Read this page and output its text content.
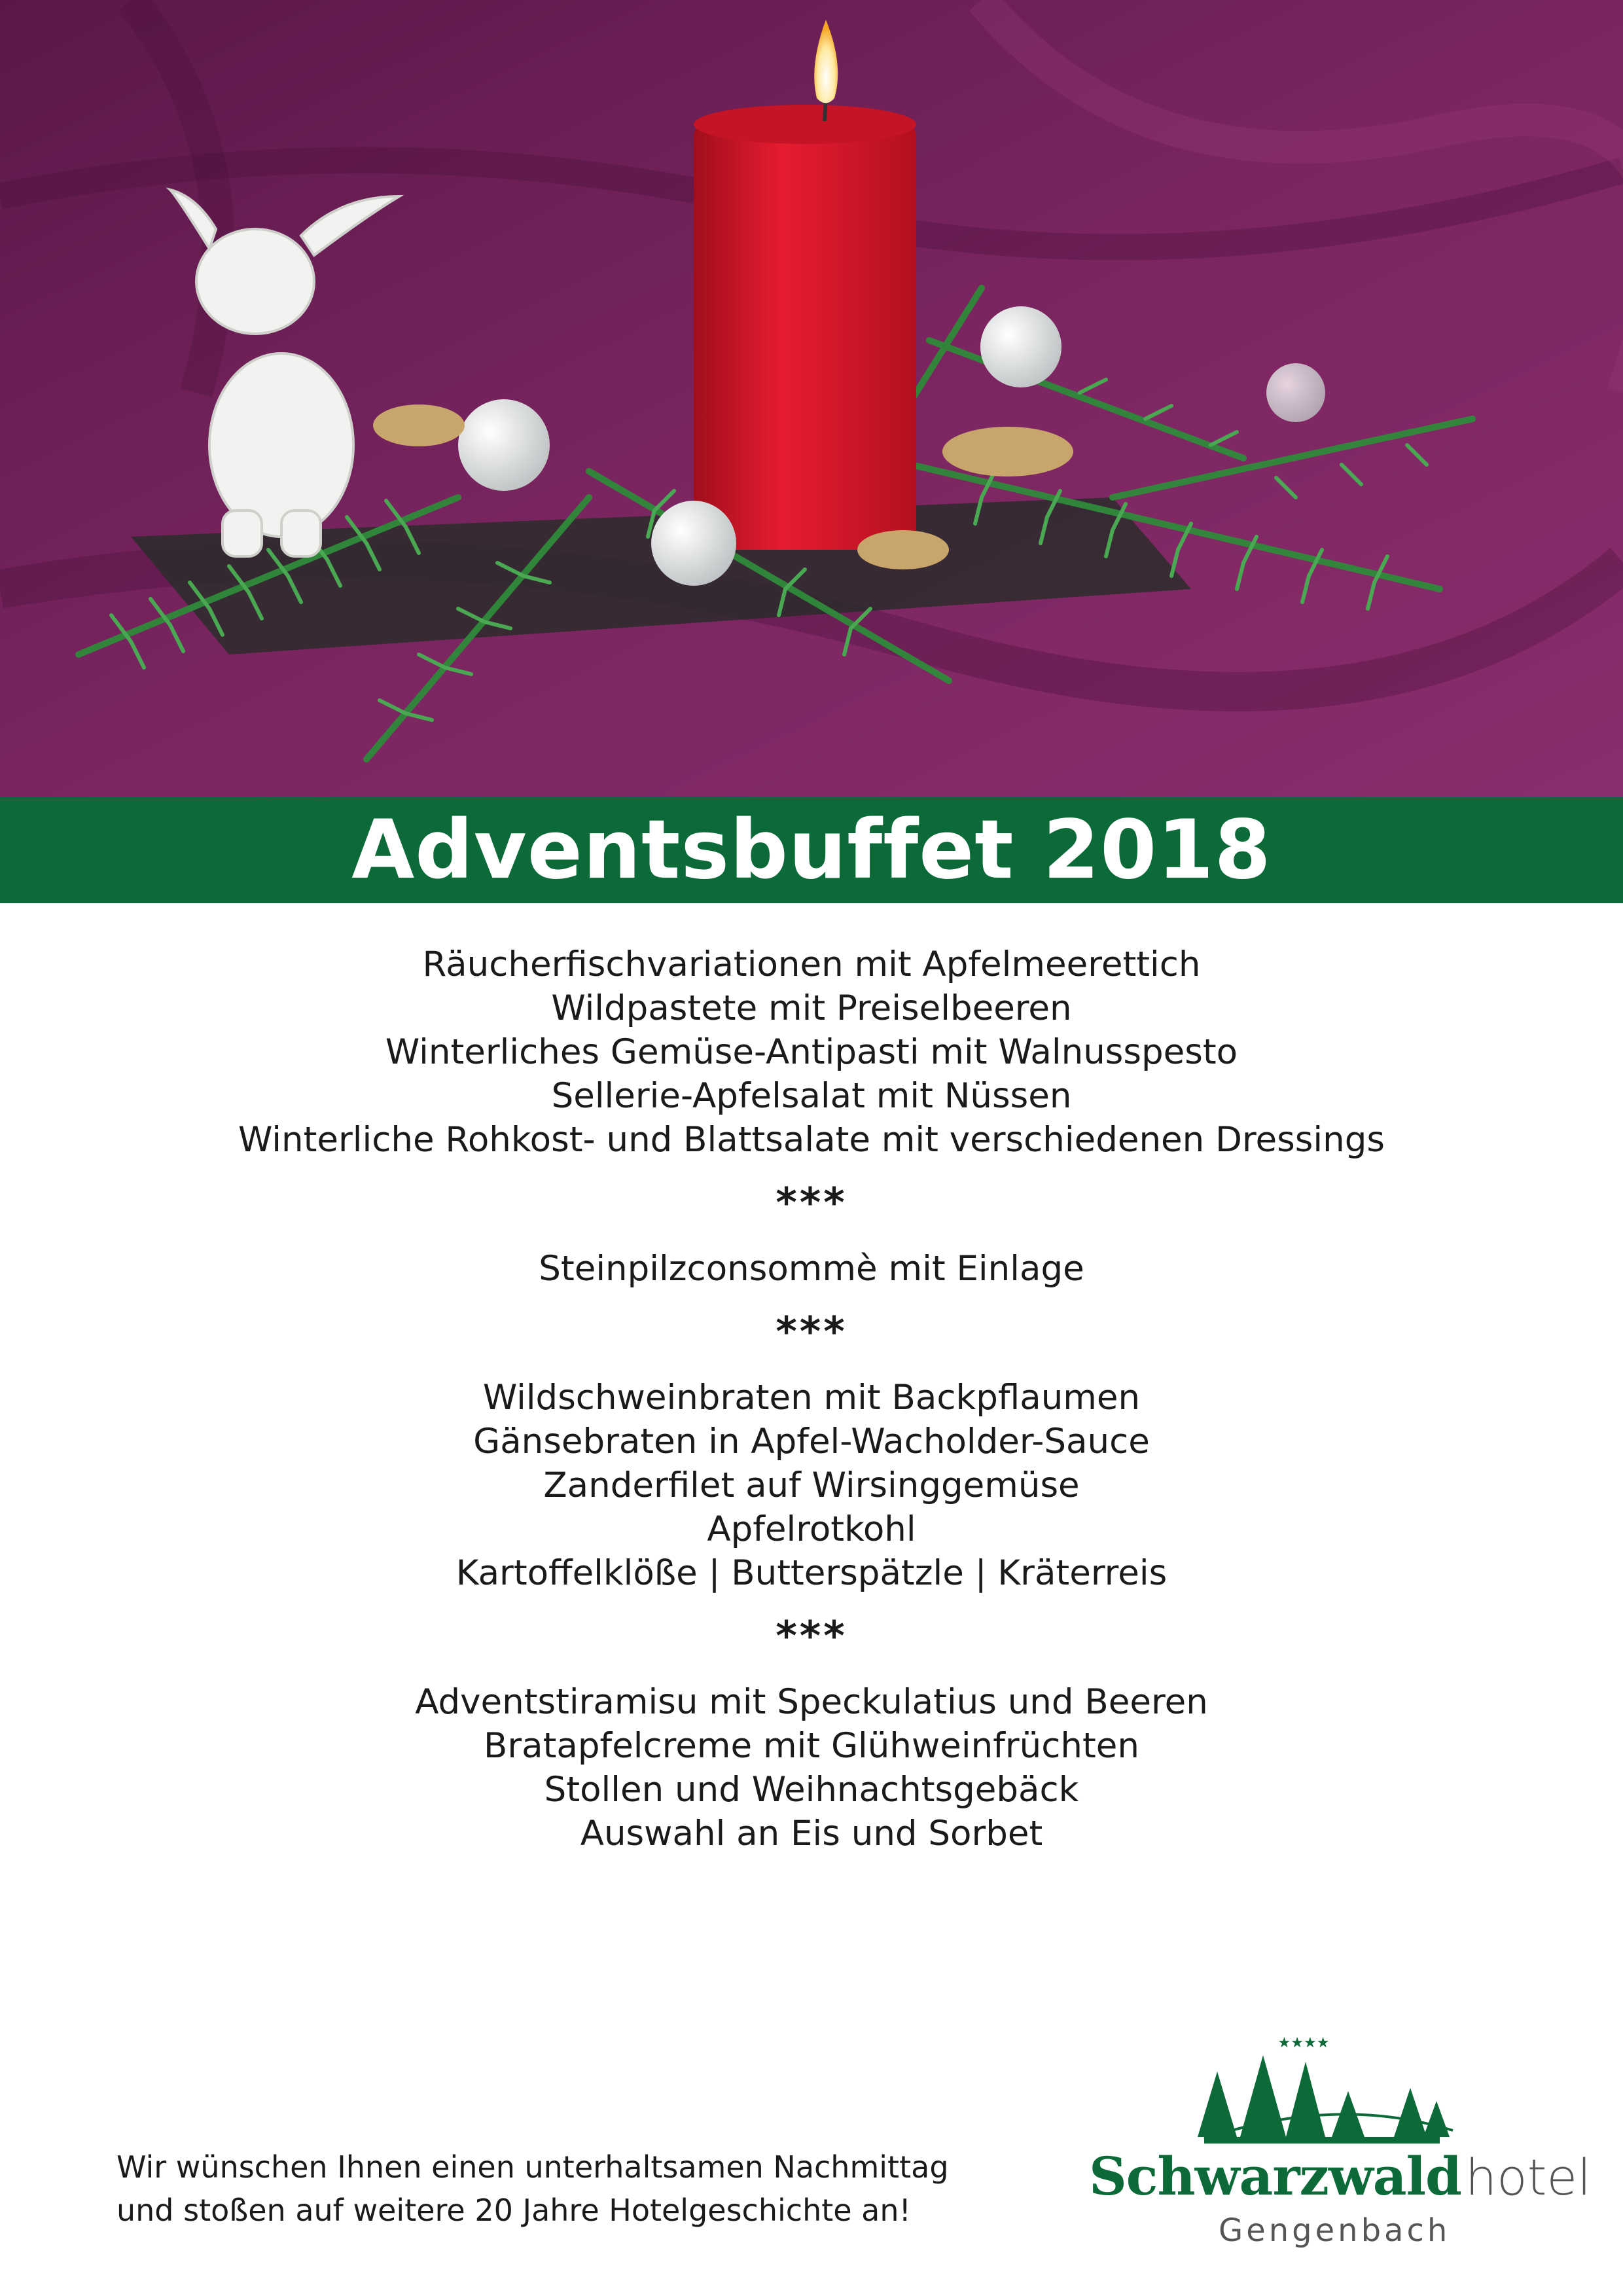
Adventsbuffet 2018
Räucherfischvariationen mit Apfelmeerettich
Wildpastete mit Preiselbeeren
Winterliches Gemüse-Antipasti mit Walnusspesto
Sellerie-Apfelsalat mit Nüssen
Winterliche Rohkost- und Blattsalate mit verschiedenen Dressings
***
Steinpilzconsommè mit Einlage
***
Wildschweinbraten mit Backpflaumen
Gänsebraten in Apfel-Wacholder-Sauce
Zanderfilet auf Wirsinggemüse
Apfelrotkohl
Kartoffelklöße | Butterspätzle | Kräterreis
***
Adventstiramisu mit Speckulatius und Beeren
Bratapfelcreme mit Glühweinfrüchten
Stollen und Weihnachtsgebäck
Auswahl an Eis und Sorbet
Wir wünschen Ihnen einen unterhaltsamen Nachmittag
und stoßen auf weitere 20 Jahre Hotelgeschichte an!
★★★★
Schwarzwaldhotel
Gengenbach
